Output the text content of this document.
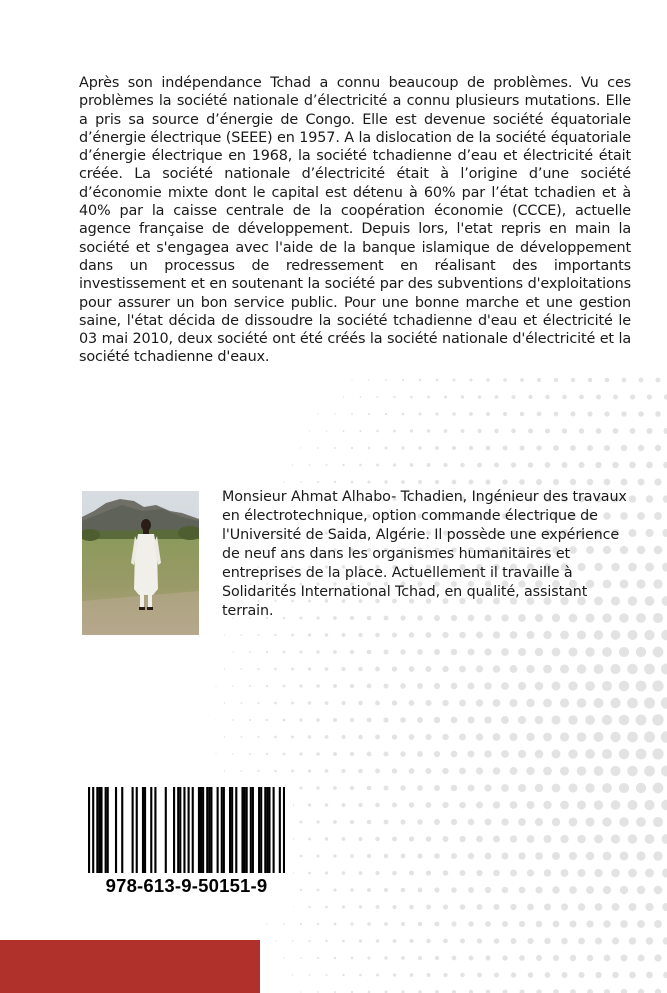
Après son indépendance Tchad a connu beaucoup de problèmes. Vu ces problèmes la société nationale d’électricité a connu plusieurs mutations. Elle a pris sa source d’énergie de Congo. Elle est devenue société équatoriale d’énergie électrique (SEEE) en 1957. A la dislocation de la société équatoriale d’énergie électrique en 1968, la société tchadienne d’eau et électricité était créée. La société nationale d’électricité était à l’origine d’une société d’économie mixte dont le capital est détenu à 60% par l’état tchadien et à 40% par la caisse centrale de la coopération économie (CCCE), actuelle agence française de développement. Depuis lors, l'etat repris en main la société et s'engagea avec l'aide de la banque islamique de développement dans un processus de redressement en réalisant des importants investissement et en soutenant la société par des subventions d'exploitations pour assurer un bon service public. Pour une bonne marche et une gestion saine, l'état décida de dissoudre la société tchadienne d'eau et électricité le 03 mai 2010, deux société ont été créés la société nationale d'électricité et la société tchadienne d'eaux.

Monsieur Ahmat Alhabo- Tchadien, Ingénieur des travaux en électrotechnique, option commande électrique de l'Université de Saida, Algérie. Il possède une expérience de neuf ans dans les organismes humanitaires et entreprises de la place. Actuellement il travaille à Solidarités International Tchad, en qualité, assistant terrain.

978-613-9-50151-9
